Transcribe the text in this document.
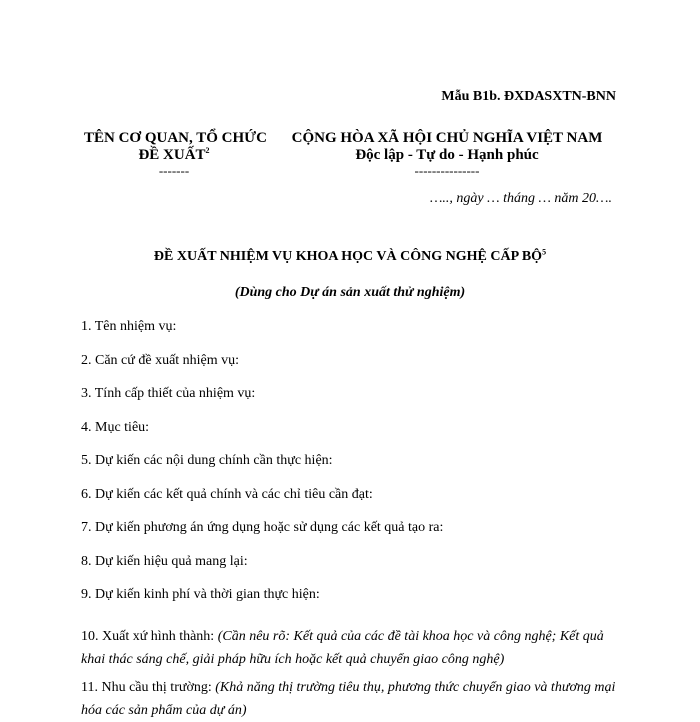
Mẫu B1b. ĐXDASXTN-BNN
TÊN CƠ QUAN, TỔ CHỨC
ĐỀ XUẤT$^2$
-------
CỘNG HÒA XÃ HỘI CHỦ NGHĨA VIỆT NAM
Độc lập - Tự do - Hạnh phúc
---------------
….., ngày … tháng … năm 20….
ĐỀ XUẤT NHIỆM VỤ KHOA HỌC VÀ CÔNG NGHỆ CẤP BỘ$^5$
(Dùng cho Dự án sản xuất thử nghiệm)
1. Tên nhiệm vụ:
2. Căn cứ đề xuất nhiệm vụ:
3. Tính cấp thiết của nhiệm vụ:
4. Mục tiêu:
5. Dự kiến các nội dung chính cần thực hiện:
6. Dự kiến các kết quả chính và các chỉ tiêu cần đạt:
7. Dự kiến phương án ứng dụng hoặc sử dụng các kết quả tạo ra:
8. Dự kiến hiệu quả mang lại:
9. Dự kiến kinh phí và thời gian thực hiện:
10. Xuất xứ hình thành: (Cần nêu rõ: Kết quả của các đề tài khoa học và công nghệ; Kết quả khai thác sáng chế, giải pháp hữu ích hoặc kết quả chuyển giao công nghệ)
11. Nhu cầu thị trường: (Khả năng thị trường tiêu thụ, phương thức chuyển giao và thương mại hóa các sản phẩm của dự án)
